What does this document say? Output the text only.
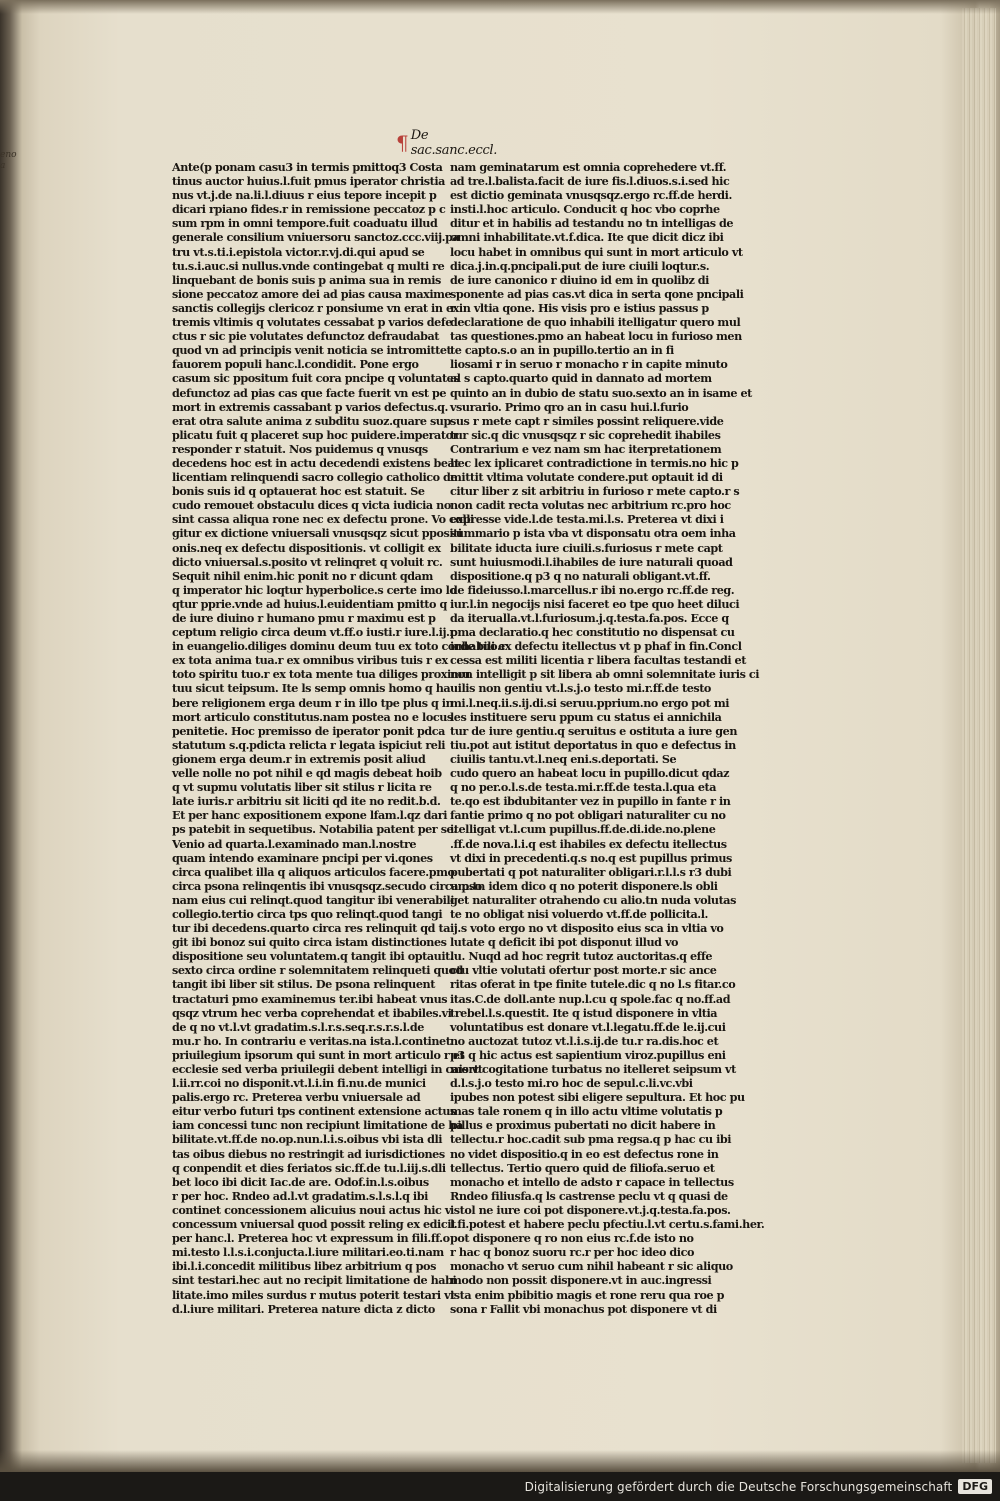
eno a
¶ De sac.sanc.eccl.
Ante(p ponam casu3 in termis pmittoq3 Costa
tinus auctor huius.l.fuit pmus iperator christia
nus vt.j.de na.li.l.diuus r eius tepore incepit p
dicari rpiano fides.r in remissione peccatoz p c
sum rpm in omni tempore.fuit coaduatu illud
generale consilium vniuersoru sanctoz.ccc.viij.pa
tru vt.s.ti.i.epistola victor.r.vj.di.qui apud se
tu.s.i.auc.si nullus.vnde contingebat q multi re
linquebant de bonis suis p anima sua in remis
sione peccatoz amore dei ad pias causa maxime
sanctis collegijs clericoz r ponsiume vn erat in ex
tremis vltimis q volutates cessabat p varios defe
ctus r sic pie volutates defunctoz defraudabat
quod vn ad principis venit noticia se intromittet
fauorem populi hanc.l.condidit. Pone ergo
casum sic ppositum fuit cora pncipe q voluntates
defunctoz ad pias cas que facte fuerit vn est pe
mort in extremis cassabant p varios defectus.q.
erat otra salute anima z subditu suoz.quare sup
plicatu fuit q placeret sup hoc puidere.imperator
responder r statuit. Nos puidemus q vnusqs
decedens hoc est in actu decedendi existens beat
licentiam relinquendi sacro collegio catholico de
bonis suis id q optauerat hoc est statuit. Se
cudo remouet obstaculu dices q victa iudicia no
sint cassa aliqua rone nec ex defectu prone. Vo colli
gitur ex dictione vniuersali vnusqsqz sicut ppositi
onis.neq ex defectu dispositionis. vt colligit ex
dicto vniuersal.s.posito vt relinqret q voluit rc.
Sequit nihil enim.hic ponit no r dicunt qdam
q imperator hic loqtur hyperbolice.s certe imo lo
qtur pprie.vnde ad huius.l.euidentiam pmitto q
de iure diuino r humano pmu r maximu est p
ceptum religio circa deum vt.ff.o iusti.r iure.l.ij.r
in euangelio.diliges dominu deum tuu ex toto corde tuo.r
ex tota anima tua.r ex omnibus viribus tuis r ex
toto spiritu tuo.r ex tota mente tua diliges proximu
tuu sicut teipsum. Ite ls semp omnis homo q ha
bere religionem erga deum r in illo tpe plus q in
mort articulo constitutus.nam postea no e locus
penitetie. Hoc premisso de iperator ponit pdca
statutum s.q.pdicta relicta r legata ispiciut reli
gionem erga deum.r in extremis posit aliud
velle nolle no pot nihil e qd magis debeat hoib
q vt supmu volutatis liber sit stilus r licita re
late iuris.r arbitriu sit liciti qd ite no redit.b.d.
Et per hanc expositionem expone lfam.l.qz dari
ps patebit in sequetibus. Notabilia patent per se.
Venio ad quarta.l.examinado man.l.nostre
quam intendo examinare pncipi per vi.qones
circa qualibet illa q aliquos articulos facere.pmo
circa psona relinqentis ibi vnusqsqz.secudo circa pso
nam eius cui relinqt.quod tangitur ibi venerabili
collegio.tertio circa tps quo relinqt.quod tangi
tur ibi decedens.quarto circa res relinquit qd ta
git ibi bonoz sui quito circa istam distinctiones
dispositione seu voluntatem.q tangit ibi optauit.
sexto circa ordine r solemnitatem relinqueti quod
tangit ibi liber sit stilus. De psona relinquent
tractaturi pmo examinemus ter.ibi habeat vnus
qsqz vtrum hec verba coprehendat et ibabiles.vi
de q no vt.l.vt gradatim.s.l.r.s.seq.r.s.r.s.l.de
mu.r ho. In contrariu e veritas.na ista.l.continet
priuilegium ipsorum qui sunt in mort articulo r et
ecclesie sed verba priuilegii debent intelligi in cais vt
l.ii.rr.coi no disponit.vt.l.i.in fi.nu.de munici
palis.ergo rc. Preterea verbu vniuersale ad
eitur verbo futuri tps continent extensione actus
iam concessi tunc non recipiunt limitatione de ha
bilitate.vt.ff.de no.op.nun.l.i.s.oibus vbi ista dli
tas oibus diebus no restringit ad iurisdictiones
q conpendit et dies feriatos sic.ff.de tu.l.iij.s.dli
bet loco ibi dicit Iac.de are. Odof.in.l.s.oibus
r per hoc. Rndeo ad.l.vt gradatim.s.l.s.l.q ibi
continet concessionem alicuius noui actus hic v
concessum vniuersal quod possit reling ex edicit
per hanc.l. Preterea hoc vt expressum in fili.ff.o
mi.testo l.l.s.i.conjucta.l.iure militari.eo.ti.nam
ibi.l.i.concedit militibus libez arbitrium q pos
sint testari.hec aut no recipit limitatione de habi
litate.imo miles surdus r mutus poterit testari vt
d.l.iure militari. Preterea nature dicta z dicto
nam geminatarum est omnia coprehedere vt.ff.
ad tre.l.balista.facit de iure fis.l.diuos.s.i.sed hic
est dictio geminata vnusqsqz.ergo rc.ff.de herdi.
insti.l.hoc articulo. Conducit q hoc vbo coprhe
ditur et in habilis ad testandu no tn intelligas de
omni inhabilitate.vt.f.dica. Ite que dicit dicz ibi
locu habet in omnibus qui sunt in mort articulo vt
dica.j.in.q.pncipali.put de iure ciuili loqtur.s.
de iure canonico r diuino id em in quolibz di
sponente ad pias cas.vt dica in serta qone pncipali
r in vltia qone. His visis pro e istius passus p
declaratione de quo inhabili itelligatur quero mul
tas questiones.pmo an habeat locu in furioso men
te capto.s.o an in pupillo.tertio an in fi
liosami r in seruo r monacho r in capite minuto
al s capto.quarto quid in dannato ad mortem
quinto an in dubio de statu suo.sexto an in isame et
vsurario. Primo qro an in casu hui.l.furio
sus r mete capt r similes possint reliquere.vide
tur sic.q dic vnusqsqz r sic coprehedit ihabiles
Contrarium e vez nam sm hac iterpretationem
hec lex iplicaret contradictione in termis.no hic p
mittit vltima volutate condere.put optauit id di
citur liber z sit arbitriu in furioso r mete capto.r s
non cadit recta volutas nec arbitrium rc.pro hoc
expresse vide.l.de testa.mi.l.s. Preterea vt dixi i
summario p ista vba vt disponsatu otra oem inha
bilitate iducta iure ciuili.s.furiosus r mete capt
sunt huiusmodi.l.ihabiles de iure naturali quoad
dispositione.q p3 q no naturali obligant.vt.ff.
de fideiusso.l.marcellus.r ibi no.ergo rc.ff.de reg.
iur.l.in negocijs nisi faceret eo tpe quo heet diluci
da iterualla.vt.l.furiosum.j.q.testa.fa.pos. Ecce q
pma declaratio.q hec constitutio no dispensat cu
inhabili ex defectu itellectus vt p phaf in fin.Concl
cessa est militi licentia r libera facultas testandi et
non intelligit p sit libera ab omni solemnitate iuris ci
uilis non gentiu vt.l.s.j.o testo mi.r.ff.de testo
mi.l.neq.ii.s.ij.di.si seruu.pprium.no ergo pot mi
les instituere seru ppum cu status ei annichila
tur de iure gentiu.q seruitus e ostituta a iure gen
tiu.pot aut istitut deportatus in quo e defectus in
ciuilis tantu.vt.l.neq eni.s.deportati. Se
cudo quero an habeat locu in pupillo.dicut qdaz
q no per.o.l.s.de testa.mi.r.ff.de testa.l.qua eta
te.qo est ibdubitanter vez in pupillo in fante r in
fantie primo q no pot obligari naturaliter cu no
itelligat vt.l.cum pupillus.ff.de.di.ide.no.plene
.ff.de nova.l.i.q est ihabiles ex defectu itellectus
vt dixi in precedenti.q.s no.q est pupillus primus
pubertati q pot naturaliter obligari.r.l.l.s r3 dubi
um.tn idem dico q no poterit disponere.ls obli
get naturaliter otrahendo cu alio.tn nuda volutas
te no obligat nisi voluerdo vt.ff.de pollicita.l.
ij.s voto ergo no vt disposito eius sca in vltia vo
lutate q deficit ibi pot disponut illud vo
lu. Nuqd ad hoc regrit tutoz auctoritas.q effe
ctu vltie volutati ofertur post morte.r sic ance
ritas oferat in tpe finite tutele.dic q no l.s fitar.co
itas.C.de doll.ante nup.l.cu q spole.fac q no.ff.ad
trebel.l.s.questit. Ite q istud disponere in vltia
voluntatibus est donare vt.l.legatu.ff.de le.ij.cui
no auctozat tutoz vt.l.i.s.ij.de tu.r ra.dis.hoc et
p3 q hic actus est sapientium viroz.pupillus eni
mort cogitatione turbatus no itelleret seipsum vt
d.l.s.j.o testo mi.ro hoc de sepul.c.li.vc.vbi
ipubes non potest sibi eligere sepultura. Et hoc pu
mas tale ronem q in illo actu vltime volutatis p
pillus e proximus pubertati no dicit habere in
tellectu.r hoc.cadit sub pma regsa.q p hac cu ibi
no videt dispositio.q in eo est defectus rone in
tellectus. Tertio quero quid de filiofa.seruo et
monacho et intello de adsto r capace in tellectus
Rndeo filiusfa.q ls castrense peclu vt q quasi de
istol ne iure coi pot disponere.vt.j.q.testa.fa.pos.
l.fi.potest et habere peclu pfectiu.l.vt certu.s.fami.her.
pot disponere q ro non eius rc.f.de isto no
r hac q bonoz suoru rc.r per hoc ideo dico
monacho vt seruo cum nihil habeant r sic aliquo
modo non possit disponere.vt in auc.ingressi
ista enim pbibitio magis et rone reru qua roe p
sona r Fallit vbi monachus pot disponere vt di
Digitalisierung gefördert durch die Deutsche Forschungsgemeinschaft DFG
